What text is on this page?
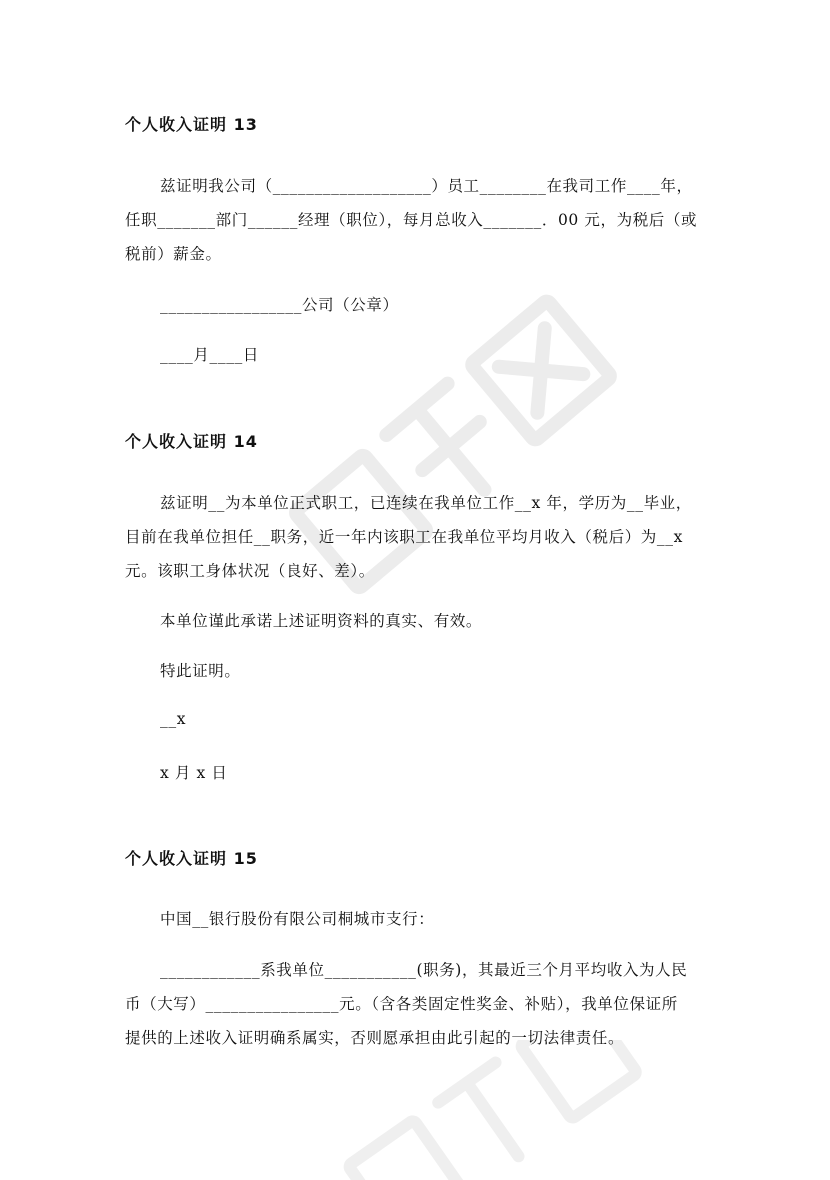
个人收入证明 13
兹证明我公司（___________________）员工________在我司工作____年，
任职_______部门______经理（职位），每月总收入_______．00 元，为税后（或
税前）薪金。
_________________公司（公章）
____月____日
个人收入证明 14
兹证明__为本单位正式职工，已连续在我单位工作__x 年，学历为__毕业，
目前在我单位担任__职务，近一年内该职工在我单位平均月收入（税后）为__x
元。该职工身体状况（良好、差）。
本单位谨此承诺上述证明资料的真实、有效。
特此证明。
__x
x 月 x 日
个人收入证明 15
中国__银行股份有限公司桐城市支行：
____________系我单位___________(职务)，其最近三个月平均收入为人民
币（大写）________________元。（含各类固定性奖金、补贴），我单位保证所
提供的上述收入证明确系属实，否则愿承担由此引起的一切法律责任。
